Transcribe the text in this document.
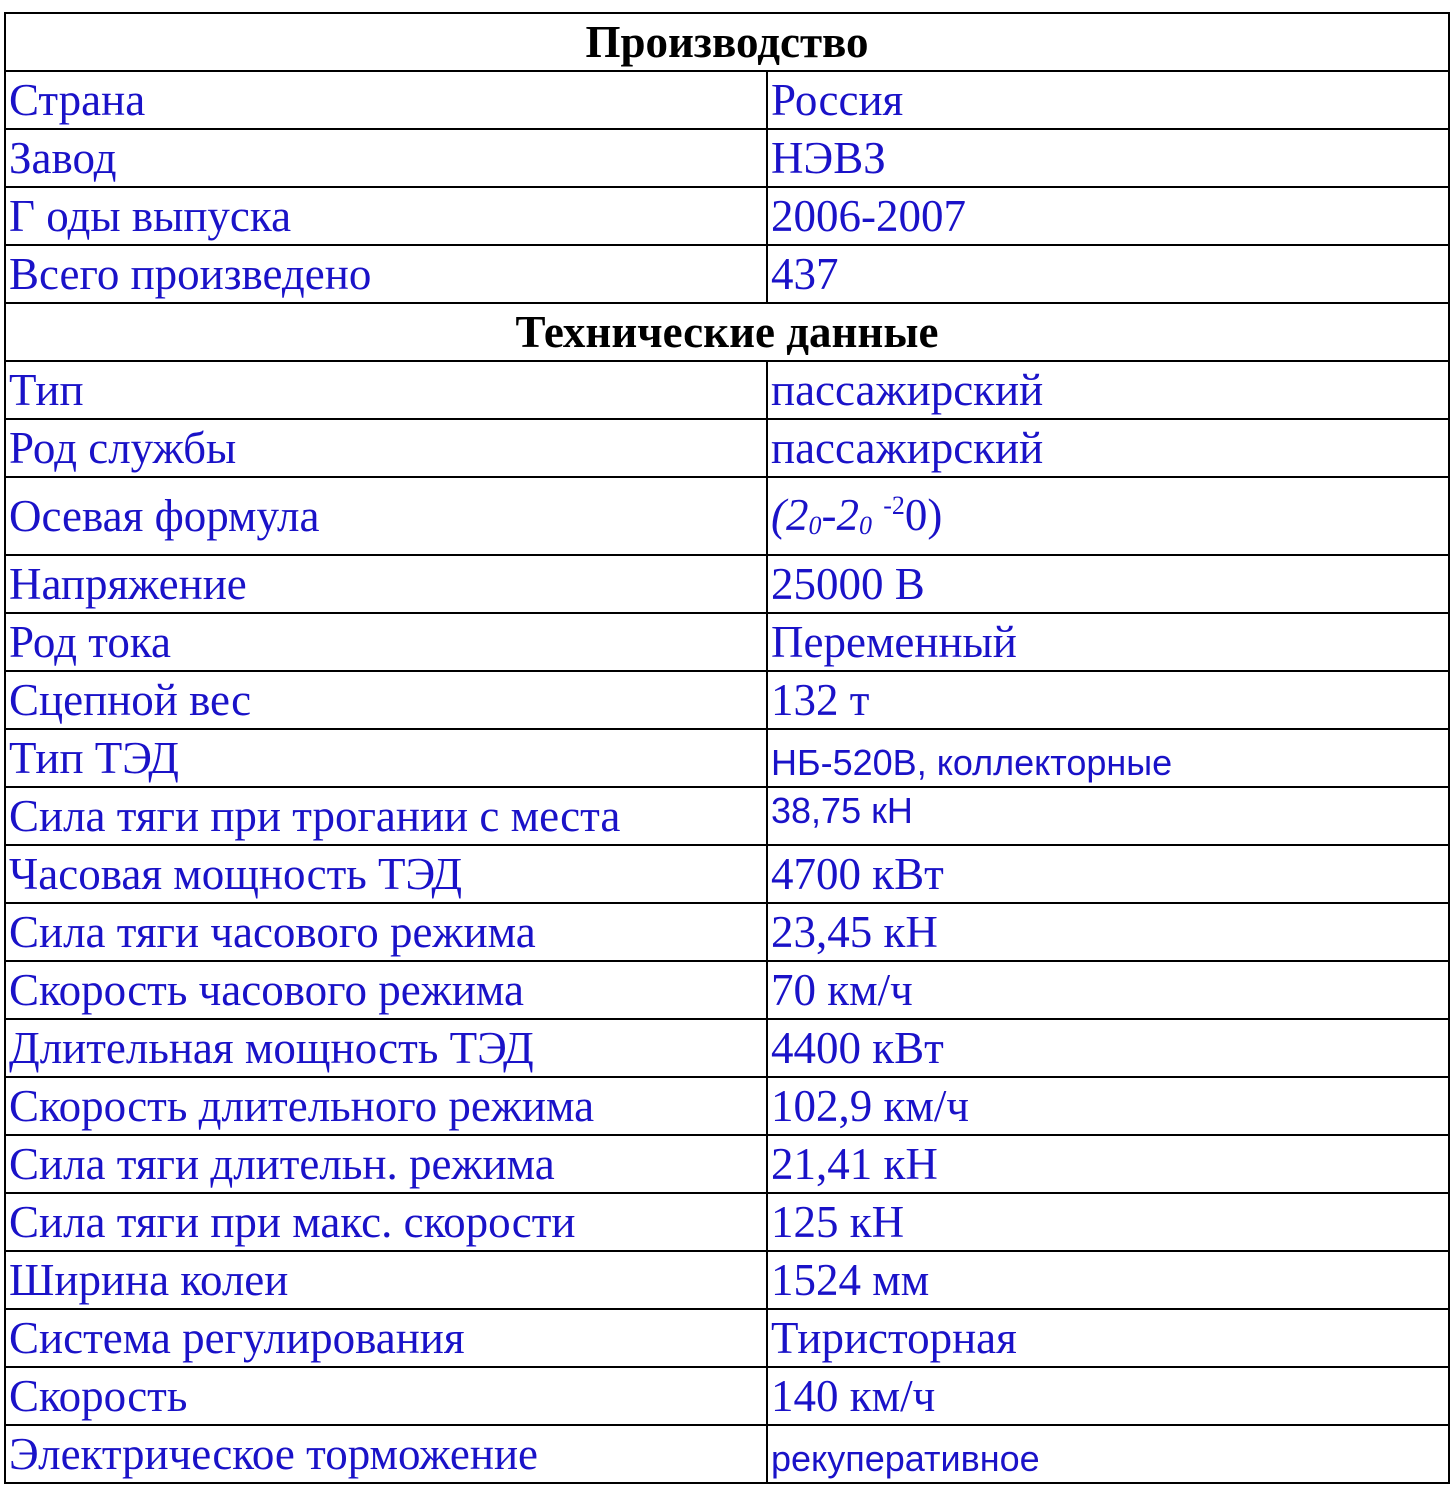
Производство	
Страна	Россия
Завод	НЭВЗ
Г оды выпуска	2006-2007
Всего произведено	437
Технические данные	
Тип	пассажирский
Род службы	пассажирский
Осевая формула	($2_0-2_0$ $^{-2}$0)
Напряжение	25000 В
Род тока	Переменный
Сцепной вес	132 т
Тип ТЭД	НБ-520В, коллекторные
Сила тяги при трогании с места	38,75 кН
Часовая мощность ТЭД	4700 кВт
Сила тяги часового режима	23,45 кН
Скорость часового режима	70 км/ч
Длительная мощность ТЭД	4400 кВт
Скорость длительного режима	102,9 км/ч
Сила тяги длительн. режима	21,41 кН
Сила тяги при макс. скорости	125 кН
Ширина колеи	1524 мм
Система регулирования	Тиристорная
Скорость	140 км/ч
Электрическое торможение	рекуперативное
